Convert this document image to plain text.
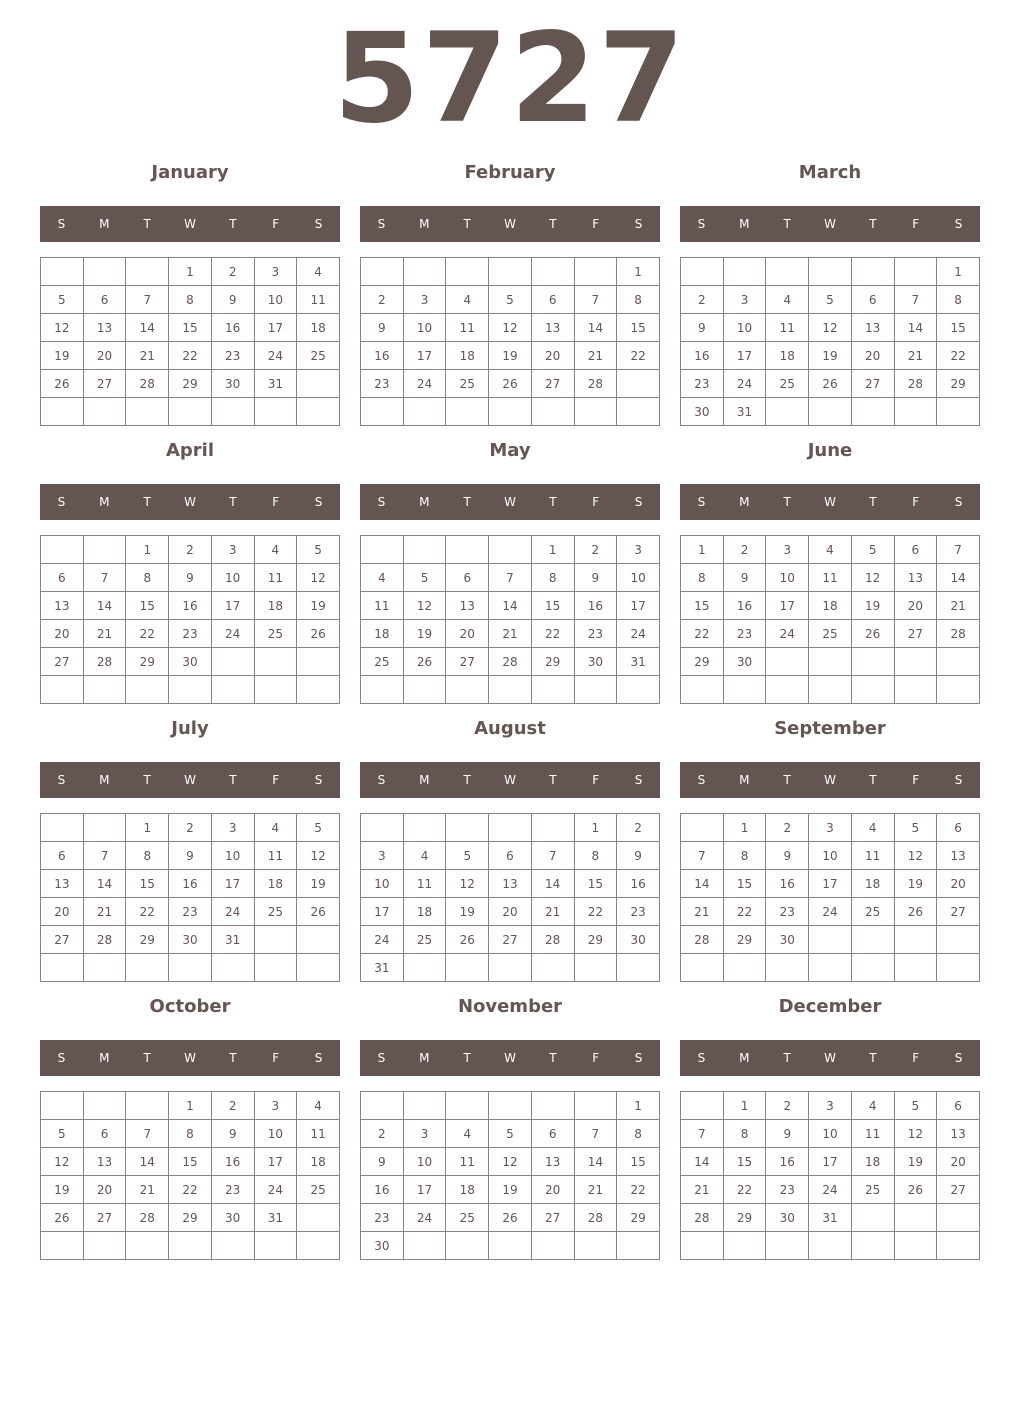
5727
January
S	M	T	W	T	F	S
			1	2	3	4
5	6	7	8	9	10	11
12	13	14	15	16	17	18
19	20	21	22	23	24	25
26	27	28	29	30	31	

February
S	M	T	W	T	F	S
						1
2	3	4	5	6	7	8
9	10	11	12	13	14	15
16	17	18	19	20	21	22
23	24	25	26	27	28	

March
S	M	T	W	T	F	S
						1
2	3	4	5	6	7	8
9	10	11	12	13	14	15
16	17	18	19	20	21	22
23	24	25	26	27	28	29
30	31					
April
S	M	T	W	T	F	S
		1	2	3	4	5
6	7	8	9	10	11	12
13	14	15	16	17	18	19
20	21	22	23	24	25	26
27	28	29	30			

May
S	M	T	W	T	F	S
				1	2	3
4	5	6	7	8	9	10
11	12	13	14	15	16	17
18	19	20	21	22	23	24
25	26	27	28	29	30	31

June
S	M	T	W	T	F	S
1	2	3	4	5	6	7
8	9	10	11	12	13	14
15	16	17	18	19	20	21
22	23	24	25	26	27	28
29	30					

July
S	M	T	W	T	F	S
		1	2	3	4	5
6	7	8	9	10	11	12
13	14	15	16	17	18	19
20	21	22	23	24	25	26
27	28	29	30	31		

August
S	M	T	W	T	F	S
					1	2
3	4	5	6	7	8	9
10	11	12	13	14	15	16
17	18	19	20	21	22	23
24	25	26	27	28	29	30
31						
September
S	M	T	W	T	F	S
	1	2	3	4	5	6
7	8	9	10	11	12	13
14	15	16	17	18	19	20
21	22	23	24	25	26	27
28	29	30				

October
S	M	T	W	T	F	S
			1	2	3	4
5	6	7	8	9	10	11
12	13	14	15	16	17	18
19	20	21	22	23	24	25
26	27	28	29	30	31	

November
S	M	T	W	T	F	S
						1
2	3	4	5	6	7	8
9	10	11	12	13	14	15
16	17	18	19	20	21	22
23	24	25	26	27	28	29
30						
December
S	M	T	W	T	F	S
	1	2	3	4	5	6
7	8	9	10	11	12	13
14	15	16	17	18	19	20
21	22	23	24	25	26	27
28	29	30	31			
